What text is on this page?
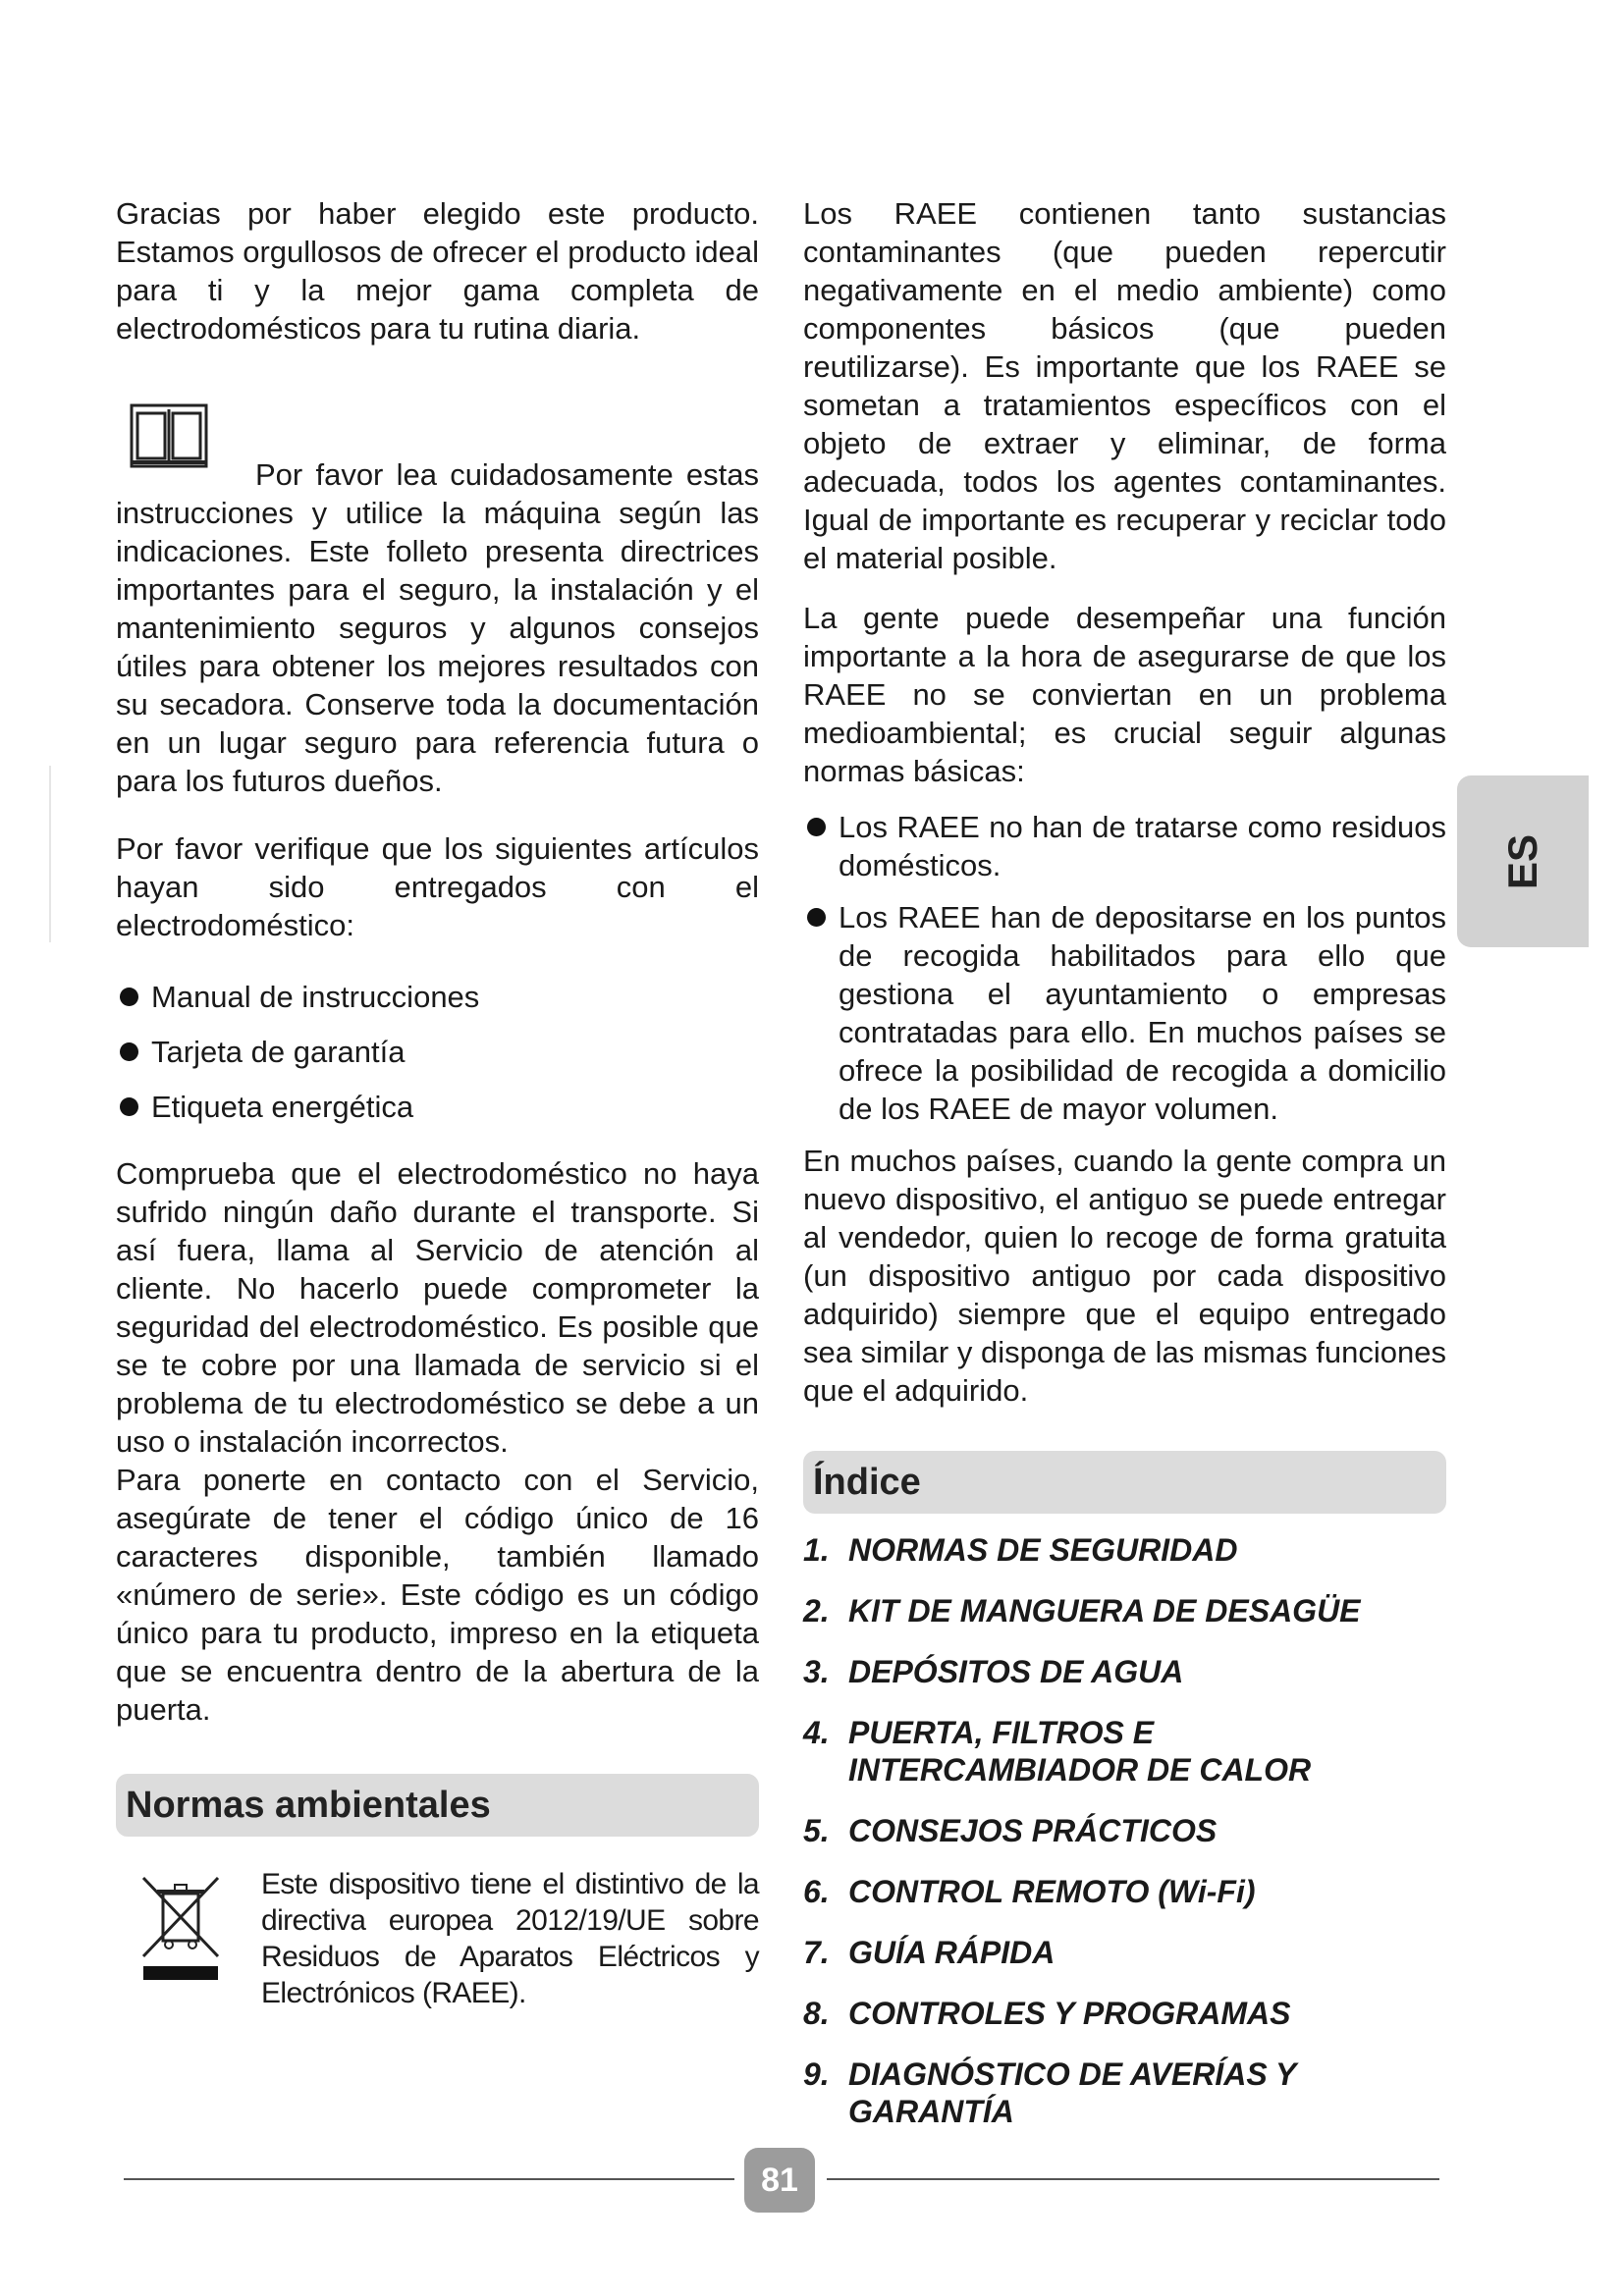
Gracias por haber elegido este producto. Estamos orgullosos de ofrecer el producto ideal para ti y la mejor gama completa de electrodomésticos para tu rutina diaria.

Por favor lea cuidadosamente estas instrucciones y utilice la máquina según las indicaciones. Este folleto presenta directrices importantes para el seguro, la instalación y el mantenimiento seguros y algunos consejos útiles para obtener los mejores resultados con su secadora. Conserve toda la documentación en un lugar seguro para referencia futura o para los futuros dueños.

Por favor verifique que los siguientes artículos hayan sido entregados con el electrodoméstico:

Manual de instrucciones
Tarjeta de garantía
Etiqueta energética

Comprueba que el electrodoméstico no haya sufrido ningún daño durante el transporte. Si así fuera, llama al Servicio de atención al cliente. No hacerlo puede comprometer la seguridad del electrodoméstico. Es posible que se te cobre por una llamada de servicio si el problema de tu electrodoméstico se debe a un uso o instalación incorrectos.

Para ponerte en contacto con el Servicio, asegúrate de tener el código único de 16 caracteres disponible, también llamado «número de serie». Este código es un código único para tu producto, impreso en la etiqueta que se encuentra dentro de la abertura de la puerta.

Normas ambientales

Este dispositivo tiene el distintivo de la directiva europea 2012/19/UE sobre Residuos de Aparatos Eléctricos y Electrónicos (RAEE).

Los RAEE contienen tanto sustancias contaminantes (que pueden repercutir negativamente en el medio ambiente) como componentes básicos (que pueden reutilizarse). Es importante que los RAEE se sometan a tratamientos específicos con el objeto de extraer y eliminar, de forma adecuada, todos los agentes contaminantes. Igual de importante es recuperar y reciclar todo el material posible.

La gente puede desempeñar una función importante a la hora de asegurarse de que los RAEE no se conviertan en un problema medioambiental; es crucial seguir algunas normas básicas:

Los RAEE no han de tratarse como residuos domésticos.
Los RAEE han de depositarse en los puntos de recogida habilitados para ello que gestiona el ayuntamiento o empresas contratadas para ello. En muchos países se ofrece la posibilidad de recogida a domicilio de los RAEE de mayor volumen.

En muchos países, cuando la gente compra un nuevo dispositivo, el antiguo se puede entregar al vendedor, quien lo recoge de forma gratuita (un dispositivo antiguo por cada dispositivo adquirido) siempre que el equipo entregado sea similar y disponga de las mismas funciones que el adquirido.

Índice
1. NORMAS DE SEGURIDAD
2. KIT DE MANGUERA DE DESAGÜE
3. DEPÓSITOS DE AGUA
4. PUERTA, FILTROS E INTERCAMBIADOR DE CALOR
5. CONSEJOS PRÁCTICOS
6. CONTROL REMOTO (Wi-Fi)
7. GUÍA RÁPIDA
8. CONTROLES Y PROGRAMAS
9. DIAGNÓSTICO DE AVERÍAS Y GARANTÍA
ES
81
